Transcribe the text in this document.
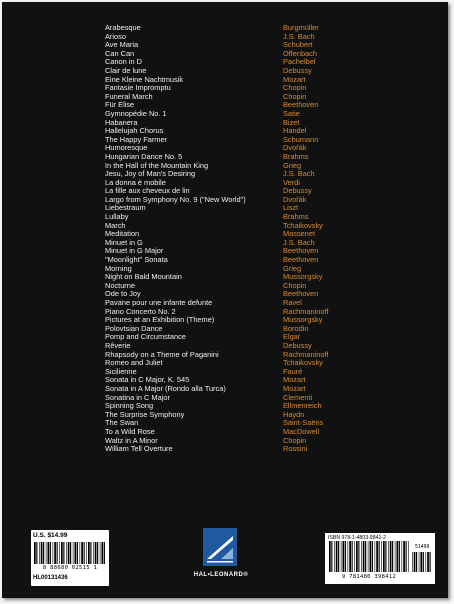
Arabesque	Burgmüller
Arioso	J.S. Bach
Ave Maria	Schubert
Can Can	Offenbach
Canon in D	Pachelbel
Clair de lune	Debussy
Eine Kleine Nachtmusik	Mozart
Fantasie Impromptu	Chopin
Funeral March	Chopin
Für Elise	Beethoven
Gymnopédie No. 1	Satie
Habanera	Bizet
Hallelujah Chorus	Handel
The Happy Farmer	Schumann
Humoresque	Dvořák
Hungarian Dance No. 5	Brahms
In the Hall of the Mountain King	Grieg
Jesu, Joy of Man's Desiring	J.S. Bach
La donna è mobile	Verdi
La fille aux cheveux de lin	Debussy
Largo from Symphony No. 9 ("New World")	Dvořák
Liebestraum	Liszt
Lullaby	Brahms
March	Tchaikovsky
Meditation	Massenet
Minuet in G	J.S. Bach
Minuet in G Major	Beethoven
"Moonlight" Sonata	Beethoven
Morning	Grieg
Night on Bald Mountain	Mussorgsky
Nocturne	Chopin
Ode to Joy	Beethoven
Pavane pour une infante defunte	Ravel
Piano Concerto No. 2	Rachmaninoff
Pictures at an Exhibition (Theme)	Mussorgsky
Polovtsian Dance	Borodin
Pomp and Circumstance	Elgar
Rêverie	Debussy
Rhapsody on a Theme of Paganini	Rachmaninoff
Romeo and Juliet	Tchaikovsky
Sicilienne	Fauré
Sonata in C Major, K. 545	Mozart
Sonata in A Major (Rondo alla Turca)	Mozart
Sonatina in C Major	Clementi
Spinning Song	Ellmenreich
The Surprise Symphony	Haydn
The Swan	Saint-Saëns
To a Wild Rose	MacDowell
Waltz in A Minor	Chopin
William Tell Overture	Rossini
U.S. $14.99
8 88680 02515 1
HL00131436	HAL•LEONARD®
ISBN 978-1-4803-9841-2
51499
9 781480 398412
